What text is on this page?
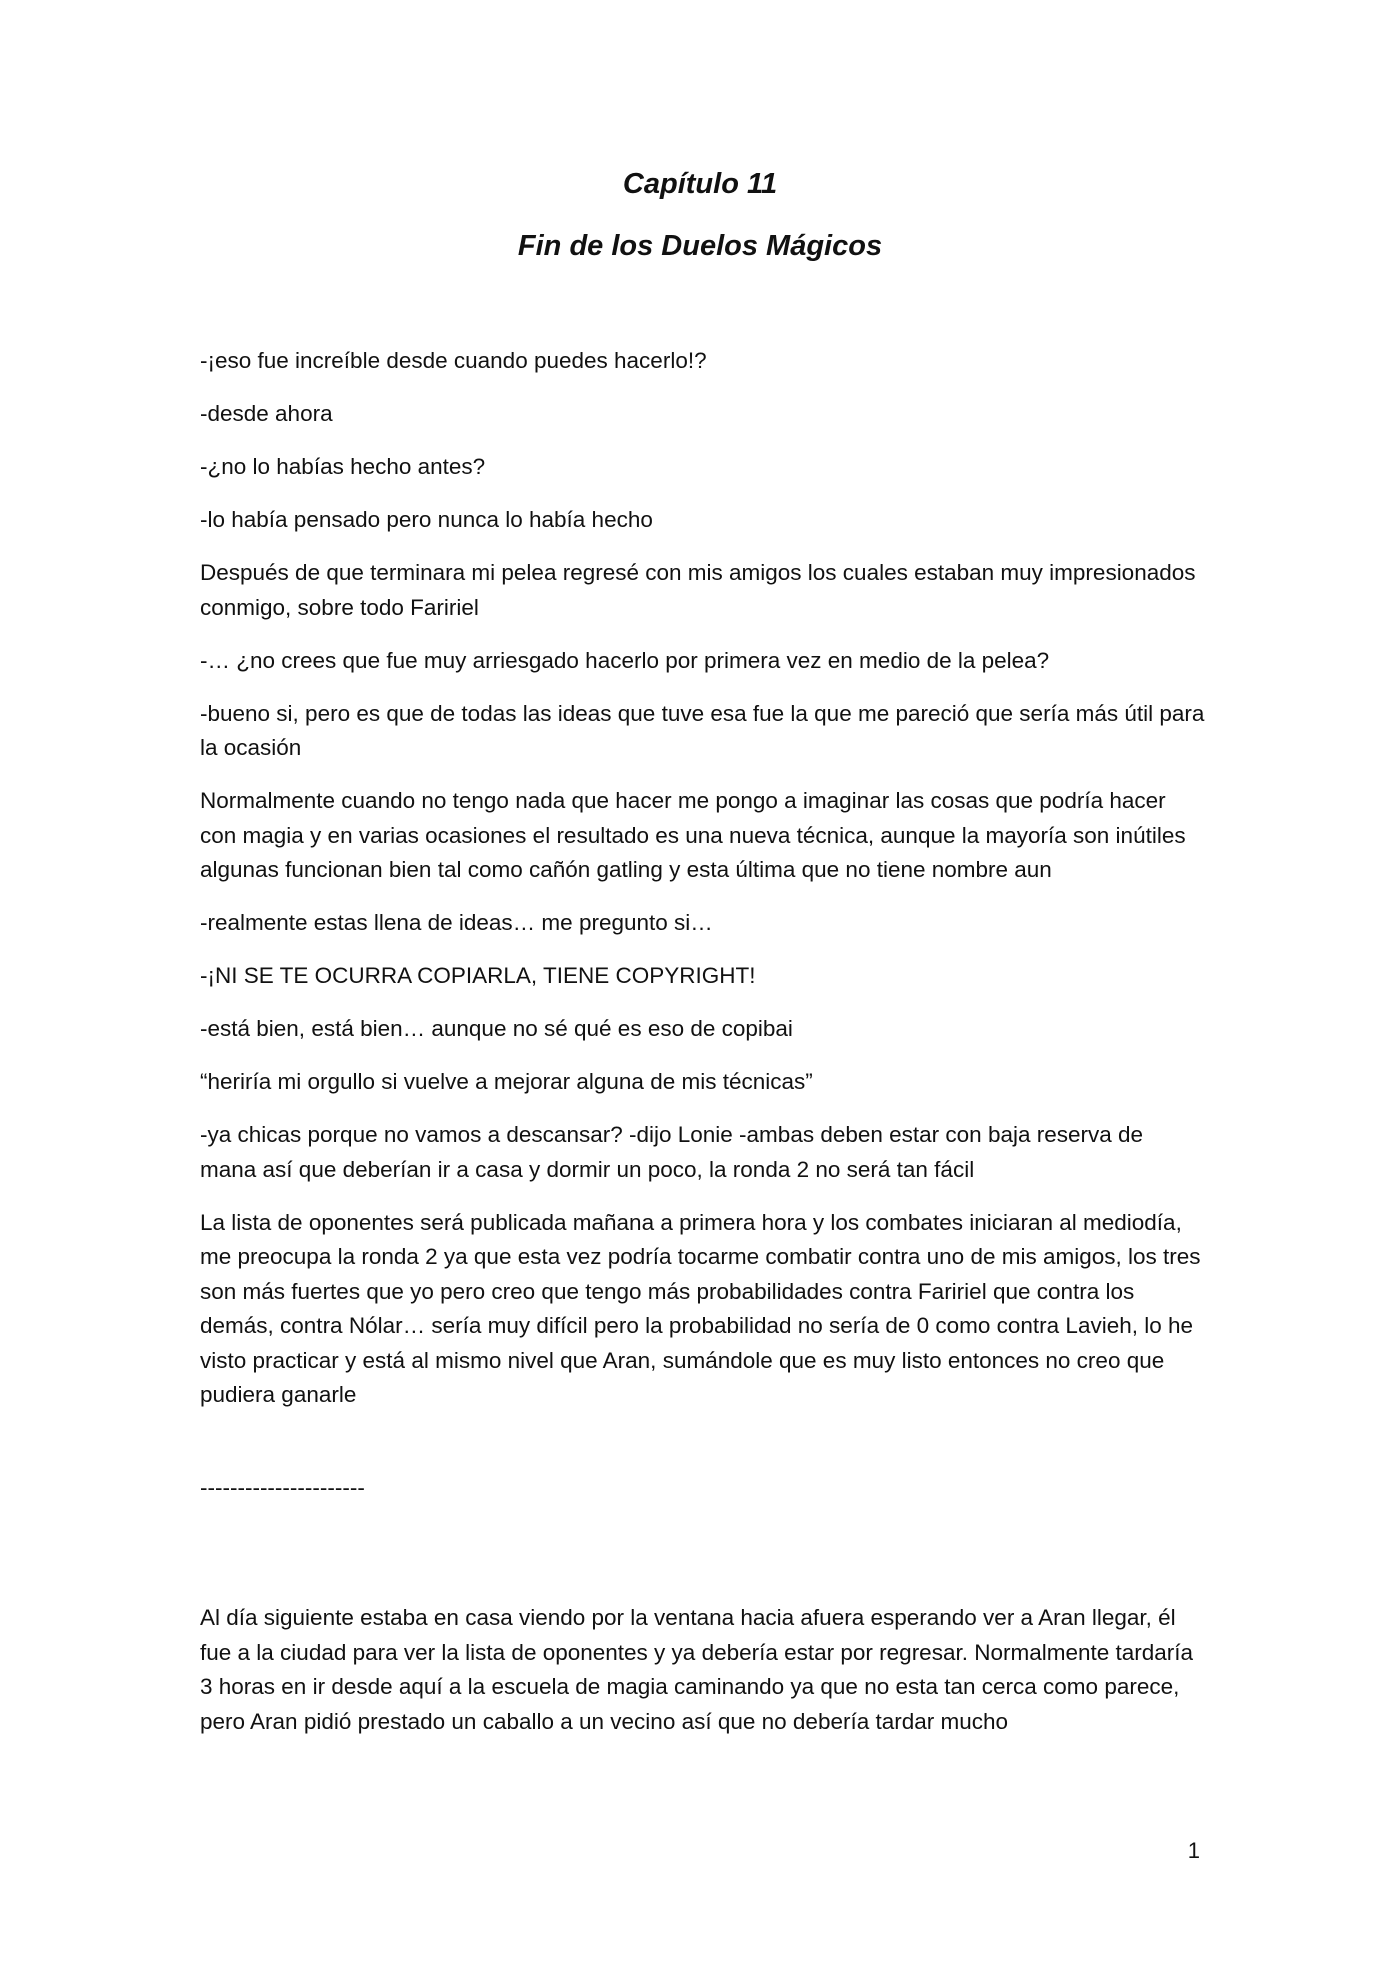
Capítulo 11

Fin de los Duelos Mágicos

-¡eso fue increíble desde cuando puedes hacerlo!?

-desde ahora

-¿no lo habías hecho antes?

-lo había pensado pero nunca lo había hecho

Después de que terminara mi pelea regresé con mis amigos los cuales estaban muy impresionados conmigo, sobre todo Faririel

-… ¿no crees que fue muy arriesgado hacerlo por primera vez en medio de la pelea?

-bueno si, pero es que de todas las ideas que tuve esa fue la que me pareció que sería más útil para la ocasión

Normalmente cuando no tengo nada que hacer me pongo a imaginar las cosas que podría hacer con magia y en varias ocasiones el resultado es una nueva técnica, aunque la mayoría son inútiles algunas funcionan bien tal como cañón gatling y esta última que no tiene nombre aun

-realmente estas llena de ideas… me pregunto si…

-¡NI SE TE OCURRA COPIARLA, TIENE COPYRIGHT!

-está bien, está bien… aunque no sé qué es eso de copibai

“heriría mi orgullo si vuelve a mejorar alguna de mis técnicas”

-ya chicas porque no vamos a descansar? -dijo Lonie -ambas deben estar con baja reserva de mana así que deberían ir a casa y dormir un poco, la ronda 2 no será tan fácil

La lista de oponentes será publicada mañana a primera hora y los combates iniciaran al mediodía, me preocupa la ronda 2 ya que esta vez podría tocarme combatir contra uno de mis amigos, los tres son más fuertes que yo pero creo que tengo más probabilidades contra Faririel que contra los demás, contra Nólar… sería muy difícil pero la probabilidad no sería de 0 como contra Lavieh, lo he visto practicar y está al mismo nivel que Aran, sumándole que es muy listo entonces no creo que pudiera ganarle

----------------------

Al día siguiente estaba en casa viendo por la ventana hacia afuera esperando ver a Aran llegar, él fue a la ciudad para ver la lista de oponentes y ya debería estar por regresar. Normalmente tardaría 3 horas en ir desde aquí a la escuela de magia caminando ya que no esta tan cerca como parece, pero Aran pidió prestado un caballo a un vecino así que no debería tardar mucho

1
